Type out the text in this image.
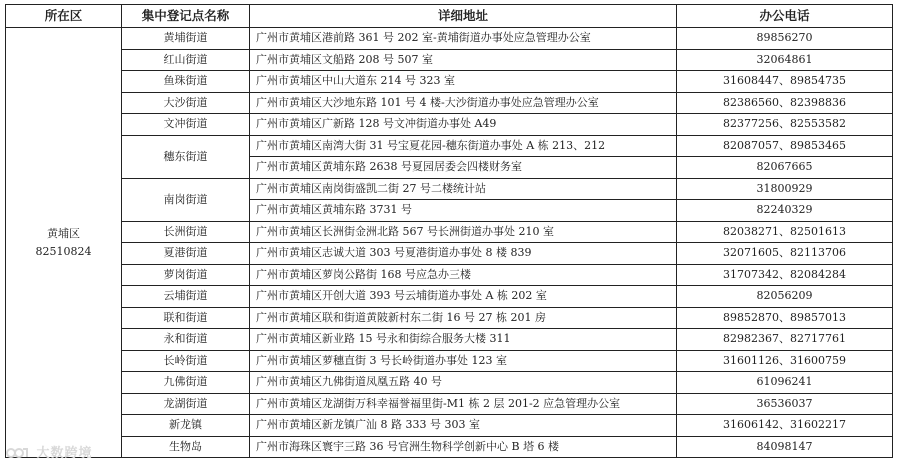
所在区	集中登记点名称	详细地址	办公电话

黄埔区
82510824	黄埔街道	广州市黄埔区港前路 361 号 202 室-黄埔街道办事处应急管理办公室	89856270
	红山街道	广州市黄埔区文船路 208 号 507 室	32064861
	鱼珠街道	广州市黄埔区中山大道东 214 号 323 室	31608447、89854735
	大沙街道	广州市黄埔区大沙地东路 101 号 4 楼-大沙街道办事处应急管理办公室	82386560、82398836
	文冲街道	广州市黄埔区广新路 128 号文冲街道办事处 A49	82377256、82553582
	穗东街道	广州市黄埔区南湾大街 31 号宝夏花园-穗东街道办事处 A 栋 213、212	82087057、89853465
		广州市黄埔区黄埔东路 2638 号夏园居委会四楼财务室	82067665
	南岗街道	广州市黄埔区南岗街盛凯二街 27 号二楼统计站	31800929
		广州市黄埔区黄埔东路 3731 号	82240329
	长洲街道	广州市黄埔区长洲街金洲北路 567 号长洲街道办事处 210 室	82038271、82501613
	夏港街道	广州市黄埔区志诚大道 303 号夏港街道办事处 8 楼 839	32071605、82113706
	萝岗街道	广州市黄埔区萝岗公路街 168 号应急办三楼	31707342、82084284
	云埔街道	广州市黄埔区开创大道 393 号云埔街道办事处 A 栋 202 室	82056209
	联和街道	广州市黄埔区联和街道黄陂新村东二街 16 号 27 栋 201 房	89852870、89857013
	永和街道	广州市黄埔区新业路 15 号永和街综合服务大楼 311	82982367、82717761
	长岭街道	广州市黄埔区萝穗直街 3 号长岭街道办事处 123 室	31601126、31600759
	九佛街道	广州市黄埔区九佛街道凤凰五路 40 号	61096241
	龙湖街道	广州市黄埔区龙湖街万科幸福誉福里街-M1 栋 2 层 201-2 应急管理办公室	36536037
	新龙镇	广州市黄埔区新龙镇广汕 8 路 333 号 303 室	31606142、31602217
	生物岛	广州市海珠区寰宇三路 36 号官洲生物科学创新中心 B 塔 6 楼	84098147
大数跨境
